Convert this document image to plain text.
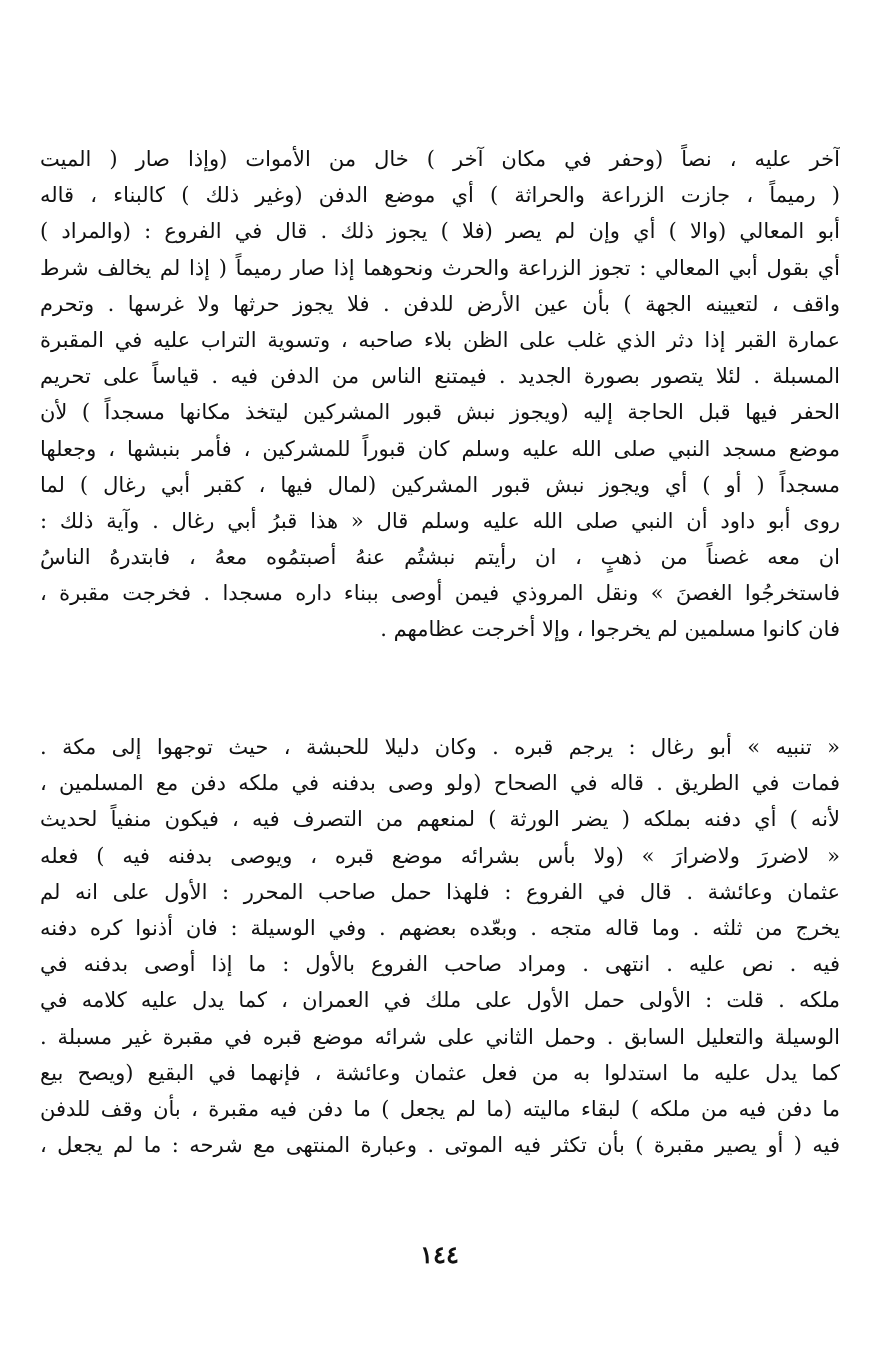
آخر عليه ، نصاً (وحفر في مكان آخر ) خال من الأموات (وإذا صار ( الميت
( رميماً ، جازت الزراعة والحراثة ) أي موضع الدفن (وغير ذلك ) كالبناء ، قاله
أبو المعالي (والا ) أي وإن لم يصر (فلا ) يجوز ذلك . قال في الفروع : (والمراد )
أي بقول أبي المعالي : تجوز الزراعة والحرث ونحوهما إذا صار رميماً ( إذا لم يخالف شرط
واقف ، لتعيينه الجهة ) بأن عين الأرض للدفن . فلا يجوز حرثها ولا غرسها . وتحرم
عمارة القبر إذا دثر الذي غلب على الظن بلاء صاحبه ، وتسوية التراب عليه في المقبرة
المسبلة . لئلا يتصور بصورة الجديد . فيمتنع الناس من الدفن فيه . قياساً على تحريم
الحفر فيها قبل الحاجة إليه (ويجوز نبش قبور المشركين ليتخذ مكانها مسجداً ) لأن
موضع مسجد النبي صلى الله عليه وسلم كان قبوراً للمشركين ، فأمر بنبشها ، وجعلها
مسجداً ( أو ) أي ويجوز نبش قبور المشركين (لمال فيها ، كقبر أبي رغال ) لما
روى أبو داود أن النبي صلى الله عليه وسلم قال « هذا قبرُ أبي رغال . وآية ذلك :
ان معه غصناً من ذهبٍ ، ان رأيتم نبشتُم عنهُ أصبتمُوه معهُ ، فابتدرهُ الناسُ
فاستخرجُوا الغصنَ » ونقل المروذي فيمن أوصى ببناء داره مسجدا . فخرجت مقبرة ،
فان كانوا مسلمين لم يخرجوا ، وإلا أخرجت عظامهم .
« تنبيه » أبو رغال : يرجم قبره . وكان دليلا للحبشة ، حيث توجهوا إلى مكة .
فمات في الطريق . قاله في الصحاح (ولو وصى بدفنه في ملكه دفن مع المسلمين ،
لأنه ) أي دفنه بملكه ( يضر الورثة ) لمنعهم من التصرف فيه ، فيكون منفياً لحديث
« لاضررَ ولاضرارَ » (ولا بأس بشرائه موضع قبره ، ويوصى بدفنه فيه ) فعله
عثمان وعائشة . قال في الفروع : فلهذا حمل صاحب المحرر : الأول على انه لم
يخرج من ثلثه . وما قاله متجه . وبعّده بعضهم . وفي الوسيلة : فان أذنوا كره دفنه
فيه . نص عليه . انتهى . ومراد صاحب الفروع بالأول : ما إذا أوصى بدفنه في
ملكه . قلت : الأولى حمل الأول على ملك في العمران ، كما يدل عليه كلامه في
الوسيلة والتعليل السابق . وحمل الثاني على شرائه موضع قبره في مقبرة غير مسبلة .
كما يدل عليه ما استدلوا به من فعل عثمان وعائشة ، فإنهما في البقيع (ويصح بيع
ما دفن فيه من ملكه ) لبقاء ماليته (ما لم يجعل ) ما دفن فيه مقبرة ، بأن وقف للدفن
فيه ( أو يصير مقبرة ) بأن تكثر فيه الموتى . وعبارة المنتهى مع شرحه : ما لم يجعل ،
١٤٤
